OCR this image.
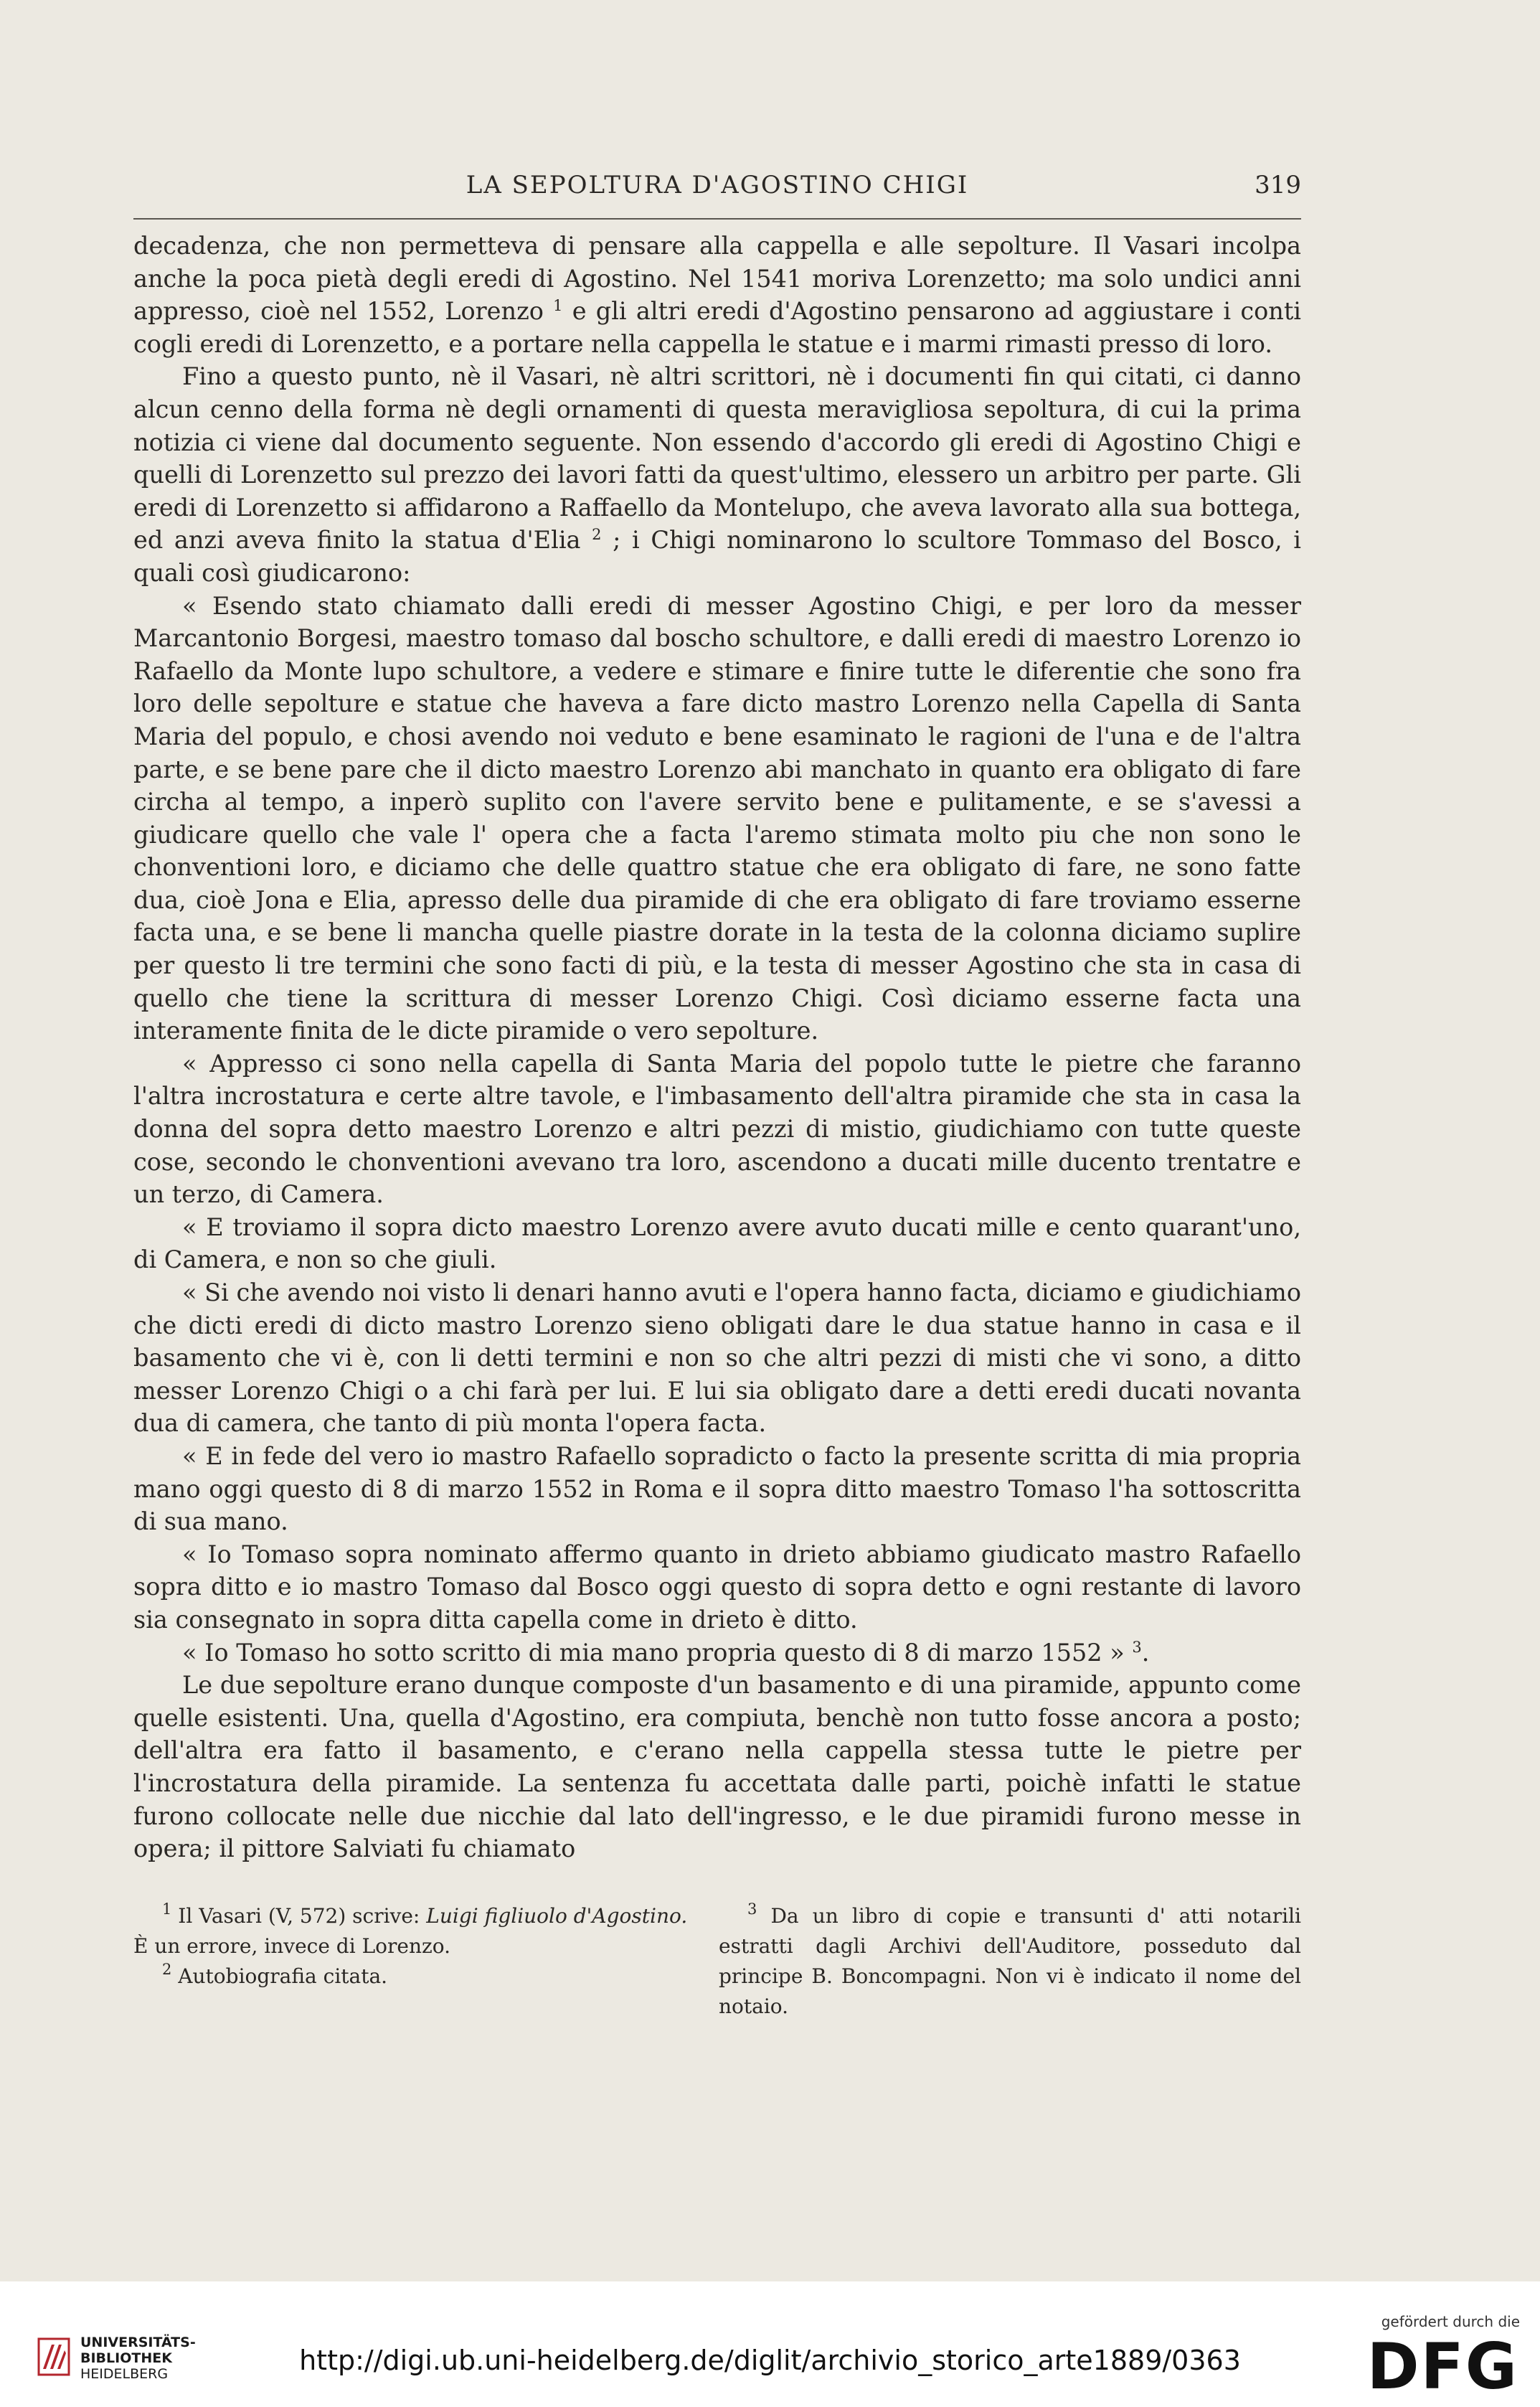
LA SEPOLTURA D'AGOSTINO CHIGI	319

decadenza, che non permetteva di pensare alla cappella e alle sepolture. Il Vasari incolpa anche la poca pietà degli eredi di Agostino. Nel 1541 moriva Lorenzetto; ma solo undici anni appresso, cioè nel 1552, Lorenzo $^1$ e gli altri eredi d'Agostino pensarono ad aggiustare i conti cogli eredi di Lorenzetto, e a portare nella cappella le statue e i marmi rimasti presso di loro.

Fino a questo punto, nè il Vasari, nè altri scrittori, nè i documenti fin qui citati, ci danno alcun cenno della forma nè degli ornamenti di questa meravigliosa sepoltura, di cui la prima notizia ci viene dal documento seguente. Non essendo d'accordo gli eredi di Agostino Chigi e quelli di Lorenzetto sul prezzo dei lavori fatti da quest'ultimo, elessero un arbitro per parte. Gli eredi di Lorenzetto si affidarono a Raffaello da Montelupo, che aveva lavorato alla sua bottega, ed anzi aveva finito la statua d'Elia $^2$ ; i Chigi nominarono lo scultore Tommaso del Bosco, i quali così giudicarono:

« Esendo stato chiamato dalli eredi di messer Agostino Chigi, e per loro da messer Marcantonio Borgesi, maestro tomaso dal boscho schultore, e dalli eredi di maestro Lorenzo io Rafaello da Monte lupo schultore, a vedere e stimare e finire tutte le diferentie che sono fra loro delle sepolture e statue che haveva a fare dicto mastro Lorenzo nella Capella di Santa Maria del populo, e chosi avendo noi veduto e bene esaminato le ragioni de l'una e de l'altra parte, e se bene pare che il dicto maestro Lorenzo abi manchato in quanto era obligato di fare circha al tempo, a inperò suplito con l'avere servito bene e pulitamente, e se s'avessi a giudicare quello che vale l' opera che a facta l'aremo stimata molto piu che non sono le chonventioni loro, e diciamo che delle quattro statue che era obligato di fare, ne sono fatte dua, cioè Jona e Elia, apresso delle dua piramide di che era obligato di fare troviamo esserne facta una, e se bene li mancha quelle piastre dorate in la testa de la colonna diciamo suplire per questo li tre termini che sono facti di più, e la testa di messer Agostino che sta in casa di quello che tiene la scrittura di messer Lorenzo Chigi. Così diciamo esserne facta una interamente finita de le dicte piramide o vero sepolture.

« Appresso ci sono nella capella di Santa Maria del popolo tutte le pietre che faranno l'altra incrostatura e certe altre tavole, e l'imbasamento dell'altra piramide che sta in casa la donna del sopra detto maestro Lorenzo e altri pezzi di mistio, giudichiamo con tutte queste cose, secondo le chonventioni avevano tra loro, ascendono a ducati mille ducento trentatre e un terzo, di Camera.

« E troviamo il sopra dicto maestro Lorenzo avere avuto ducati mille e cento quarant'uno, di Camera, e non so che giuli.

« Si che avendo noi visto li denari hanno avuti e l'opera hanno facta, diciamo e giudichiamo che dicti eredi di dicto mastro Lorenzo sieno obligati dare le dua statue hanno in casa e il basamento che vi è, con li detti termini e non so che altri pezzi di misti che vi sono, a ditto messer Lorenzo Chigi o a chi farà per lui. E lui sia obligato dare a detti eredi ducati novanta dua di camera, che tanto di più monta l'opera facta.

« E in fede del vero io mastro Rafaello sopradicto o facto la presente scritta di mia propria mano oggi questo di 8 di marzo 1552 in Roma e il sopra ditto maestro Tomaso l'ha sottoscritta di sua mano.

« Io Tomaso sopra nominato affermo quanto in drieto abbiamo giudicato mastro Rafaello sopra ditto e io mastro Tomaso dal Bosco oggi questo di sopra detto e ogni restante di lavoro sia consegnato in sopra ditta capella come in drieto è ditto.

« Io Tomaso ho sotto scritto di mia mano propria questo di 8 di marzo 1552 » $^3$.

Le due sepolture erano dunque composte d'un basamento e di una piramide, appunto come quelle esistenti. Una, quella d'Agostino, era compiuta, benchè non tutto fosse ancora a posto; dell'altra era fatto il basamento, e c'erano nella cappella stessa tutte le pietre per l'incrostatura della piramide. La sentenza fu accettata dalle parti, poichè infatti le statue furono collocate nelle due nicchie dal lato dell'ingresso, e le due piramidi furono messe in opera; il pittore Salviati fu chiamato

$^1$ Il Vasari (V, 572) scrive: Luigi figliuolo d'Agostino.

È un errore, invece di Lorenzo.

$^2$ Autobiografia citata.

$^3$ Da un libro di copie e transunti d' atti notarili estratti dagli Archivi dell'Auditore, posseduto dal principe B. Boncompagni. Non vi è indicato il nome del notaio.

UNIVERSITÄTS-
BIBLIOTHEK
HEIDELBERG	http://digi.ub.uni-heidelberg.de/diglit/archivio_storico_arte1889/0363
gefördert durch die
DFG
